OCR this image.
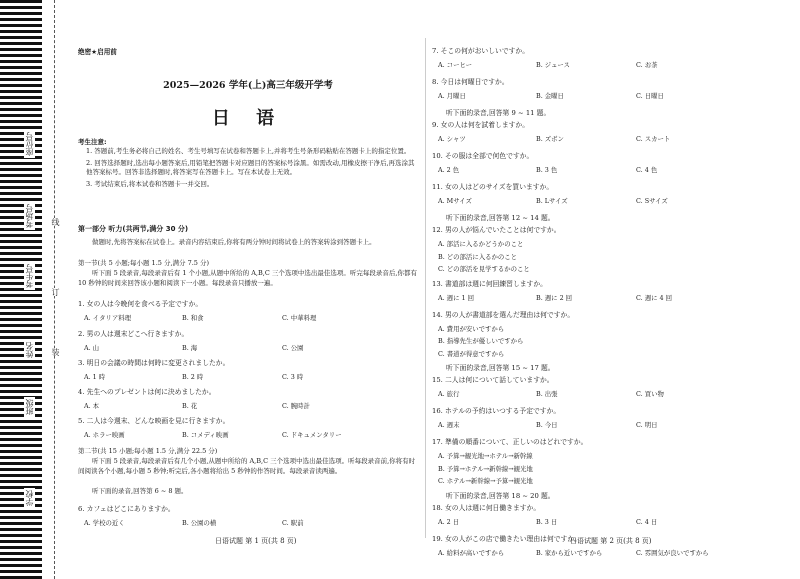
座位号
考场号
考生号
姓名
班级
学校
线
订
装
绝密★启用前
2025—2026 学年(上)高三年级开学考
日 语
考生注意:

1. 答题前,考生务必将自己的姓名、考生号填写在试卷和答题卡上,并将考生号条形码粘贴在答题卡上的指定位置。

2. 回答选择题时,选出每小题答案后,用铅笔把答题卡对应题目的答案标号涂黑。如需改动,用橡皮擦干净后,再选涂其他答案标号。回答非选择题时,将答案写在答题卡上。写在本试卷上无效。

3. 考试结束后,将本试卷和答题卡一并交回。

第一部分 听力(共两节,满分 30 分)
做题时,先将答案标在试卷上。录音内容结束后,你将有两分钟时间将试卷上的答案转涂到答题卡上。
第一节(共 5 小题;每小题 1.5 分,满分 7.5 分)
听下面 5 段录音,每段录音后有 1 个小题,从题中所给的 A,B,C 三个选项中选出最佳选项。听完每段录音后,你都有 10 秒钟的时间来回答该小题和阅读下一小题。每段录音只播放一遍。
第二节(共 15 小题;每小题 1.5 分,满分 22.5 分)
听下面 5 段录音,每段录音后有几个小题,从题中所给的 A,B,C 三个选项中选出最佳选项。听每段录音前,你将有时间阅读各个小题,每小题 5 秒钟;听完后,各小题将给出 5 秒钟的作答时间。每段录音读两遍。
听下面的录音,回答第 6 ~ 8 题。
日语试题 第 1 页(共 8 页)	日语试题 第 2 页(共 8 页)
1. 女の人は今晩何を食べる予定ですか。
A. イタリア料理	B. 和食	C. 中華料理
2. 男の人は週末どこへ行きますか。
A. 山	B. 海	C. 公園
3. 明日の会議の時間は何時に変更されましたか。
A. 1 時	B. 2 時	C. 3 時
4. 先生へのプレゼントは何に決めましたか。
A. 本	B. 花	C. 腕時計
5. 二人は今週末、どんな映画を見に行きますか。
A. ホラー映画	B. コメディ映画	C. ドキュメンタリー
6. カフェはどこにありますか。
A. 学校の近く	B. 公園の横	C. 駅前
7. そこの何がおいしいですか。
A. コーヒー	B. ジュース	C. お茶
8. 今日は何曜日ですか。
A. 月曜日	B. 金曜日	C. 日曜日
听下面的录音,回答第 9 ~ 11 题。
9. 女の人は何を試着しますか。
A. シャツ	B. ズボン	C. スカート
10. その服は全部で何色ですか。
A. 2 色	B. 3 色	C. 4 色
11. 女の人はどのサイズを買いますか。
A. Mサイズ	B. Lサイズ	C. Sサイズ
听下面的录音,回答第 12 ~ 14 题。
12. 男の人が悩んでいたことは何ですか。
A. 部活に入るかどうかのこと
B. どの部活に入るかのこと
C. どの部活を見学するかのこと
13. 書道部は週に何回練習しますか。
A. 週に 1 回	B. 週に 2 回	C. 週に 4 回
14. 男の人が書道部を選んだ理由は何ですか。
A. 費用が安いですから
B. 指導先生が優しいですから
C. 書道が得意ですから
听下面的录音,回答第 15 ~ 17 题。
15. 二人は何について話していますか。
A. 旅行	B. 出張	C. 買い物
16. ホテルの予約はいつする予定ですか。
A. 週末	B. 今日	C. 明日
17. 準備の順番について、正しいのはどれですか。
A. 予算→観光地→ホテル→新幹線
B. 予算→ホテル→新幹線→観光地
C. ホテル→新幹線→予算→観光地
听下面的录音,回答第 18 ~ 20 题。
18. 女の人は週に何日働きますか。
A. 2 日	B. 3 日	C. 4 日
19. 女の人がこの店で働きたい理由は何ですか。
A. 給料が高いですから	B. 家から近いですから	C. 雰囲気が良いですから
